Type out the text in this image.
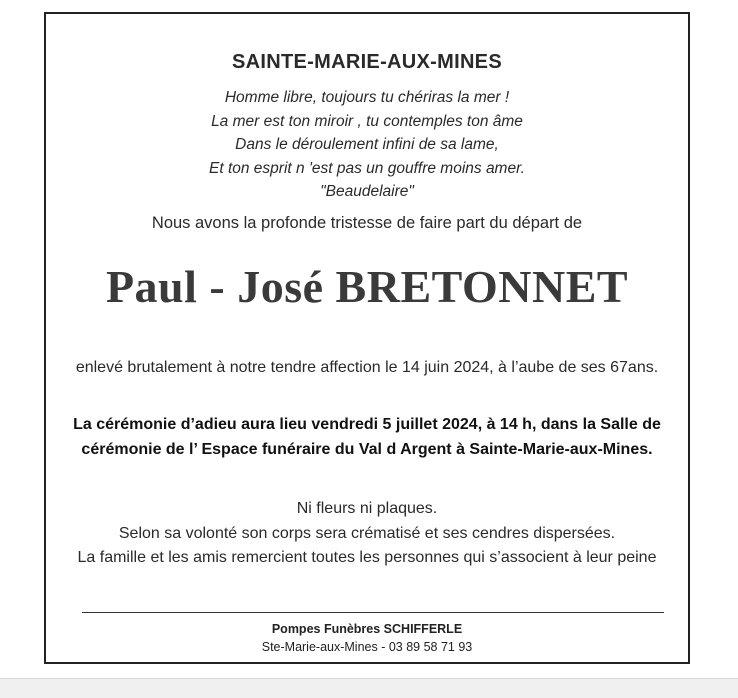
SAINTE-MARIE-AUX-MINES
Homme libre, toujours tu chériras la mer !
La mer est ton miroir , tu contemples ton âme
Dans le déroulement infini de sa lame,
Et ton esprit n 'est pas un gouffre moins amer.
"Beaudelaire"
Nous avons la profonde tristesse de faire part du départ de
Paul - José BRETONNET
enlevé brutalement à notre tendre affection le 14 juin 2024, à l’aube de ses 67ans.
La cérémonie d’adieu aura lieu vendredi 5 juillet 2024, à 14 h, dans la Salle de cérémonie de l’ Espace funéraire du Val d Argent à Sainte-Marie-aux-Mines.
Ni fleurs ni plaques.
Selon sa volonté son corps sera crématisé et ses cendres dispersées.
La famille et les amis remercient toutes les personnes qui s’associent à leur peine
Pompes Funèbres SCHIFFERLE
Ste-Marie-aux-Mines - 03 89 58 71 93
